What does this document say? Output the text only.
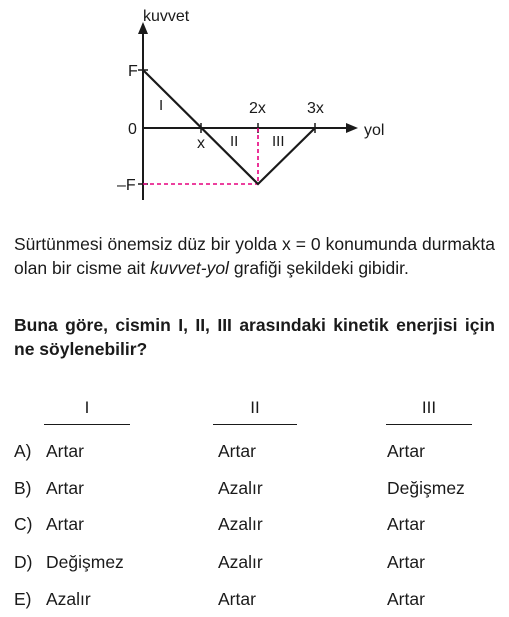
kuvvet
yol
F
0
–F
x
2x	3x
I
II III
Sürtünmesi önemsiz düz bir yolda x = 0 konumunda durmakta olan bir cisme ait kuvvet-yol grafiği şekildeki gibidir.
Buna göre, cismin I, II, III arasındaki kinetik enerjisi için ne söylenebilir?
I	II	III
A) Artar	Artar	Artar
B) Artar	Azalır	Değişmez
C) Artar	Azalır	Artar
D) Değişmez	Azalır	Artar
E) Azalır	Artar	Artar
